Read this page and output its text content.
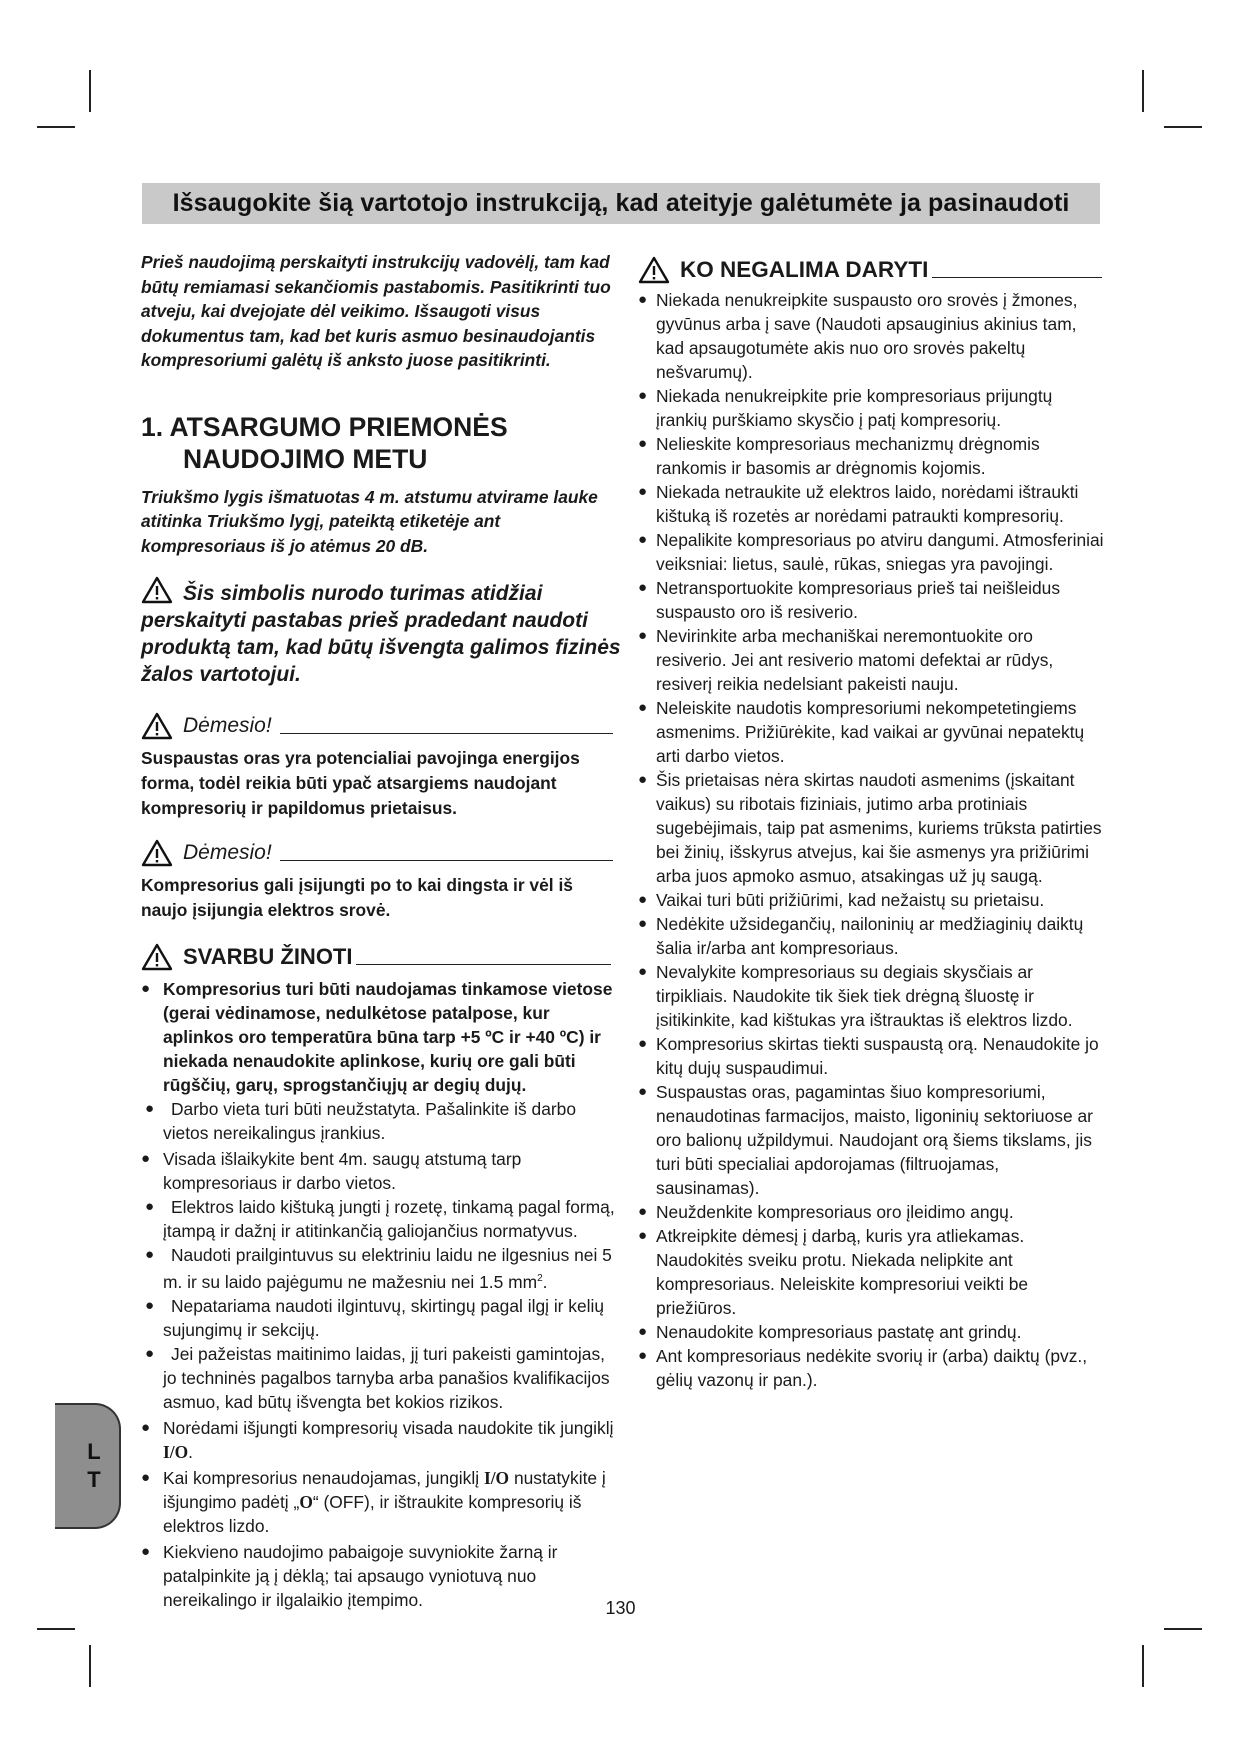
Išsaugokite šią vartotojo instrukciją, kad ateityje galėtumėte ja pasinaudoti

Prieš naudojimą perskaityti instrukcijų vadovėlį, tam kad būtų remiamasi sekančiomis pastabomis. Pasitikrinti tuo atveju, kai dvejojate dėl veikimo. Išsaugoti visus dokumentus tam, kad bet kuris asmuo besinaudojantis kompresoriumi galėtų iš anksto juose pasitikrinti.

1. ATSARGUMO PRIEMONĖS
NAUDOJIMO METU

Triukšmo lygis išmatuotas 4 m. atstumu atvirame lauke atitinka Triukšmo lygį, pateiktą etiketėje ant kompresoriaus iš jo atėmus 20 dB.

Šis simbolis nurodo turimas atidžiai perskaityti pastabas prieš pradedant naudoti produktą tam, kad būtų išvengta galimos fizinės žalos vartotojui.

Dėmesio!

Suspaustas oras yra potencialiai pavojinga energijos forma, todėl reikia būti ypač atsargiems naudojant kompresorių ir papildomus prietaisus.

Dėmesio!

Kompresorius gali įsijungti po to kai dingsta ir vėl iš naujo įsijungia elektros srovė.

SVARBU ŽINOTI
● Kompresorius turi būti naudojamas tinkamose vietose (gerai vėdinamose, nedulkėtose patalpose, kur aplinkos oro temperatūra būna tarp +5 ºC ir +40 ºC) ir niekada nenaudokite aplinkose, kurių ore gali būti rūgščių, garų, sprogstančiųjų ar degių dujų.
● Darbo vieta turi būti neužstatyta. Pašalinkite iš darbo vietos nereikalingus įrankius.
● Visada išlaikykite bent 4m. saugų atstumą tarp kompresoriaus ir darbo vietos.
● Elektros laido kištuką jungti į rozetę, tinkamą pagal formą, įtampą ir dažnį ir atitinkančią galiojančius normatyvus.
● Naudoti prailgintuvus su elektriniu laidu ne ilgesnius nei 5 m. ir su laido pajėgumu ne mažesniu nei 1.5 $mm^2$.
● Nepatariama naudoti ilgintuvų, skirtingų pagal ilgį ir kelių sujungimų ir sekcijų.
● Jei pažeistas maitinimo laidas, jį turi pakeisti gamintojas, jo techninės pagalbos tarnyba arba panašios kvalifikacijos asmuo, kad būtų išvengta bet kokios rizikos.
● Norėdami išjungti kompresorių visada naudokite tik jungiklį I/O.
● Kai kompresorius nenaudojamas, jungiklį I/O nustatykite į išjungimo padėtį „O“ (OFF), ir ištraukite kompresorių iš elektros lizdo.
● Kiekvieno naudojimo pabaigoje suvyniokite žarną ir patalpinkite ją į dėklą; tai apsaugo vyniotuvą nuo nereikalingo ir ilgalaikio įtempimo.
KO NEGALIMA DARYTI
● Niekada nenukreipkite suspausto oro srovės į žmones, gyvūnus arba į save (Naudoti apsauginius akinius tam, kad apsaugotumėte akis nuo oro srovės pakeltų nešvarumų).
● Niekada nenukreipkite prie kompresoriaus prijungtų įrankių purškiamo skysčio į patį kompresorių.
● Nelieskite kompresoriaus mechanizmų drėgnomis rankomis ir basomis ar drėgnomis kojomis.
● Niekada netraukite už elektros laido, norėdami ištraukti kištuką iš rozetės ar norėdami patraukti kompresorių.
● Nepalikite kompresoriaus po atviru dangumi. Atmosferiniai veiksniai: lietus, saulė, rūkas, sniegas yra pavojingi.
● Netransportuokite kompresoriaus prieš tai neišleidus suspausto oro iš resiverio.
● Nevirinkite arba mechaniškai neremontuokite oro resiverio. Jei ant resiverio matomi defektai ar rūdys, resiverį reikia nedelsiant pakeisti nauju.
● Neleiskite naudotis kompresoriumi nekompetetingiems asmenims. Prižiūrėkite, kad vaikai ar gyvūnai nepatektų arti darbo vietos.
● Šis prietaisas nėra skirtas naudoti asmenims (įskaitant vaikus) su ribotais fiziniais, jutimo arba protiniais sugebėjimais, taip pat asmenims, kuriems trūksta patirties bei žinių, išskyrus atvejus, kai šie asmenys yra prižiūrimi arba juos apmoko asmuo, atsakingas už jų saugą.
● Vaikai turi būti prižiūrimi, kad nežaistų su prietaisu.
● Nedėkite užsidegančių, nailoninių ar medžiaginių daiktų šalia ir/arba ant kompresoriaus.
● Nevalykite kompresoriaus su degiais skysčiais ar tirpikliais. Naudokite tik šiek tiek drėgną šluostę ir įsitikinkite, kad kištukas yra ištrauktas iš elektros lizdo.
● Kompresorius skirtas tiekti suspaustą orą. Nenaudokite jo kitų dujų suspaudimui.
● Suspaustas oras, pagamintas šiuo kompresoriumi, nenaudotinas farmacijos, maisto, ligoninių sektoriuose ar oro balionų užpildymui. Naudojant orą šiems tikslams, jis turi būti specialiai apdorojamas (filtruojamas, sausinamas).
● Neuždenkite kompresoriaus oro įleidimo angų.
● Atkreipkite dėmesį į darbą, kuris yra atliekamas. Naudokitės sveiku protu. Niekada nelipkite ant kompresoriaus. Neleiskite kompresoriui veikti be priežiūros.
● Nenaudokite kompresoriaus pastatę ant grindų.
● Ant kompresoriaus nedėkite svorių ir (arba) daiktų (pvz., gėlių vazonų ir pan.).
L
T
130
